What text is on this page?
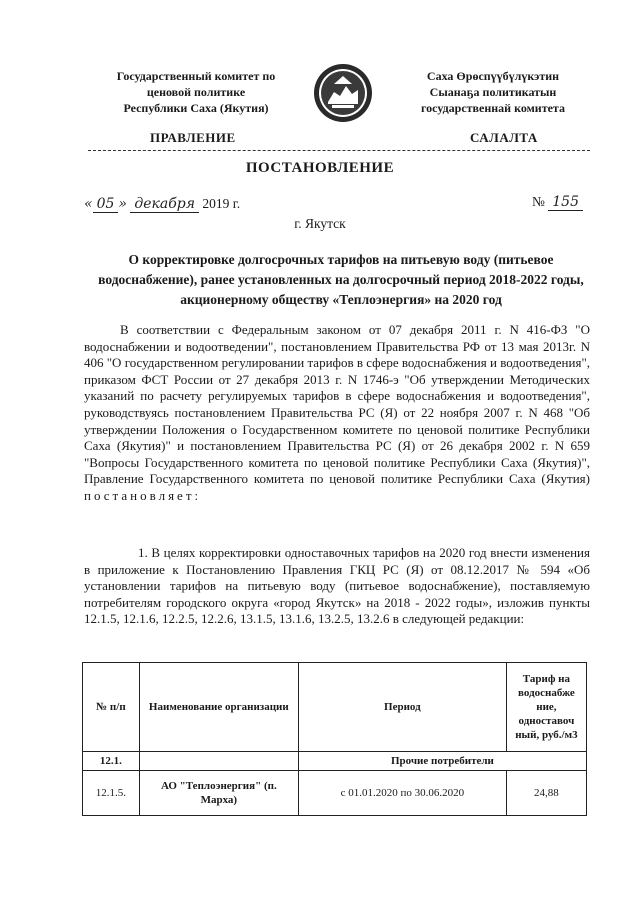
Государственный комитет по
ценовой политике
Республики Саха (Якутия)
Саха Өрөспүүбүлүкэтин
Сыанаҕа политикатын
государственнай комитета
ПРАВЛЕНИЕ	САЛАЛТА
ПОСТАНОВЛЕНИЕ
« 05 » декабря 2019 г.	№ 155
г. Якутск
О корректировке долгосрочных тарифов на питьевую воду (питьевое водоснабжение), ранее установленных на долгосрочный период 2018-2022 годы, акционерному обществу «Теплоэнергия» на 2020 год
В соответствии с Федеральным законом от 07 декабря 2011 г. N 416-ФЗ "О водоснабжении и водоотведении", постановлением Правительства РФ от 13 мая 2013г. N 406 "О государственном регулировании тарифов в сфере водоснабжения и водоотведения", приказом ФСТ России от 27 декабря 2013 г. N 1746-э "Об утверждении Методических указаний по расчету регулируемых тарифов в сфере водоснабжения и водоотведения", руководствуясь постановлением Правительства РС (Я) от 22 ноября 2007 г. N 468 "Об утверждении Положения о Государственном комитете по ценовой политике Республики Саха (Якутия)" и постановлением Правительства РС (Я) от 26 декабря 2002 г. N 659 "Вопросы Государственного комитета по ценовой политике Республики Саха (Якутия)", Правление Государственного комитета по ценовой политике Республики Саха (Якутия) постановляет:
1. В целях корректировки одноставочных тарифов на 2020 год внести изменения в приложение к Постановлению Правления ГКЦ РС (Я) от 08.12.2017 № 594 «Об установлении тарифов на питьевую воду (питьевое водоснабжение), поставляемую потребителям городского округа «город Якутск» на 2018 - 2022 годы», изложив пункты 12.1.5, 12.1.6, 12.2.5, 12.2.6, 13.1.5, 13.1.6, 13.2.5, 13.2.6 в следующей редакции:
№ п/п	Наименование организации	Период	Тариф на водоснабже ние, одноставоч ный, руб./м3
12.1.		Прочие потребители	
12.1.5.	АО "Теплоэнергия" (п. Марха)	с 01.01.2020 по 30.06.2020	24,88
